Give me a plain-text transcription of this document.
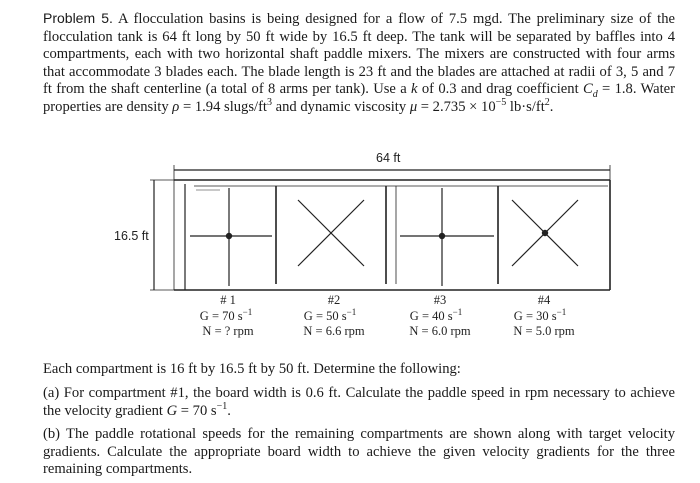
Problem 5. A flocculation basins is being designed for a flow of 7.5 mgd. The preliminary size of the flocculation tank is 64 ft long by 50 ft wide by 16.5 ft deep. The tank will be separated by baffles into 4 compartments, each with two horizontal shaft paddle mixers. The mixers are constructed with four arms that accommodate 3 blades each. The blade length is 23 ft and the blades are attached at radii of 3, 5 and 7 ft from the shaft centerline (a total of 8 arms per tank). Use a k of 0.3 and drag coefficient $C_d = 1.8$. Water properties are density ρ = 1.94 slugs/$ft^3$ and dynamic viscosity $\mu = 2.735 \times 10^{-5}$ $lb\cdot s/ft^2$.
64 ft
16.5 ft
# 1
G = 70 $s^{-1}$
N = ? rpm
#2
G = 50 $s^{-1}$
N = 6.6 rpm
#3
G = 40 $s^{-1}$
N = 6.0 rpm
#4
G = 30 $s^{-1}$
N = 5.0 rpm
Each compartment is 16 ft by 16.5 ft by 50 ft. Determine the following:
(a) For compartment #1, the board width is 0.6 ft. Calculate the paddle speed in rpm necessary to achieve the velocity gradient G = 70 $s^{-1}$.
(b) The paddle rotational speeds for the remaining compartments are shown along with target velocity gradients. Calculate the appropriate board width to achieve the given velocity gradients for the three remaining compartments.
